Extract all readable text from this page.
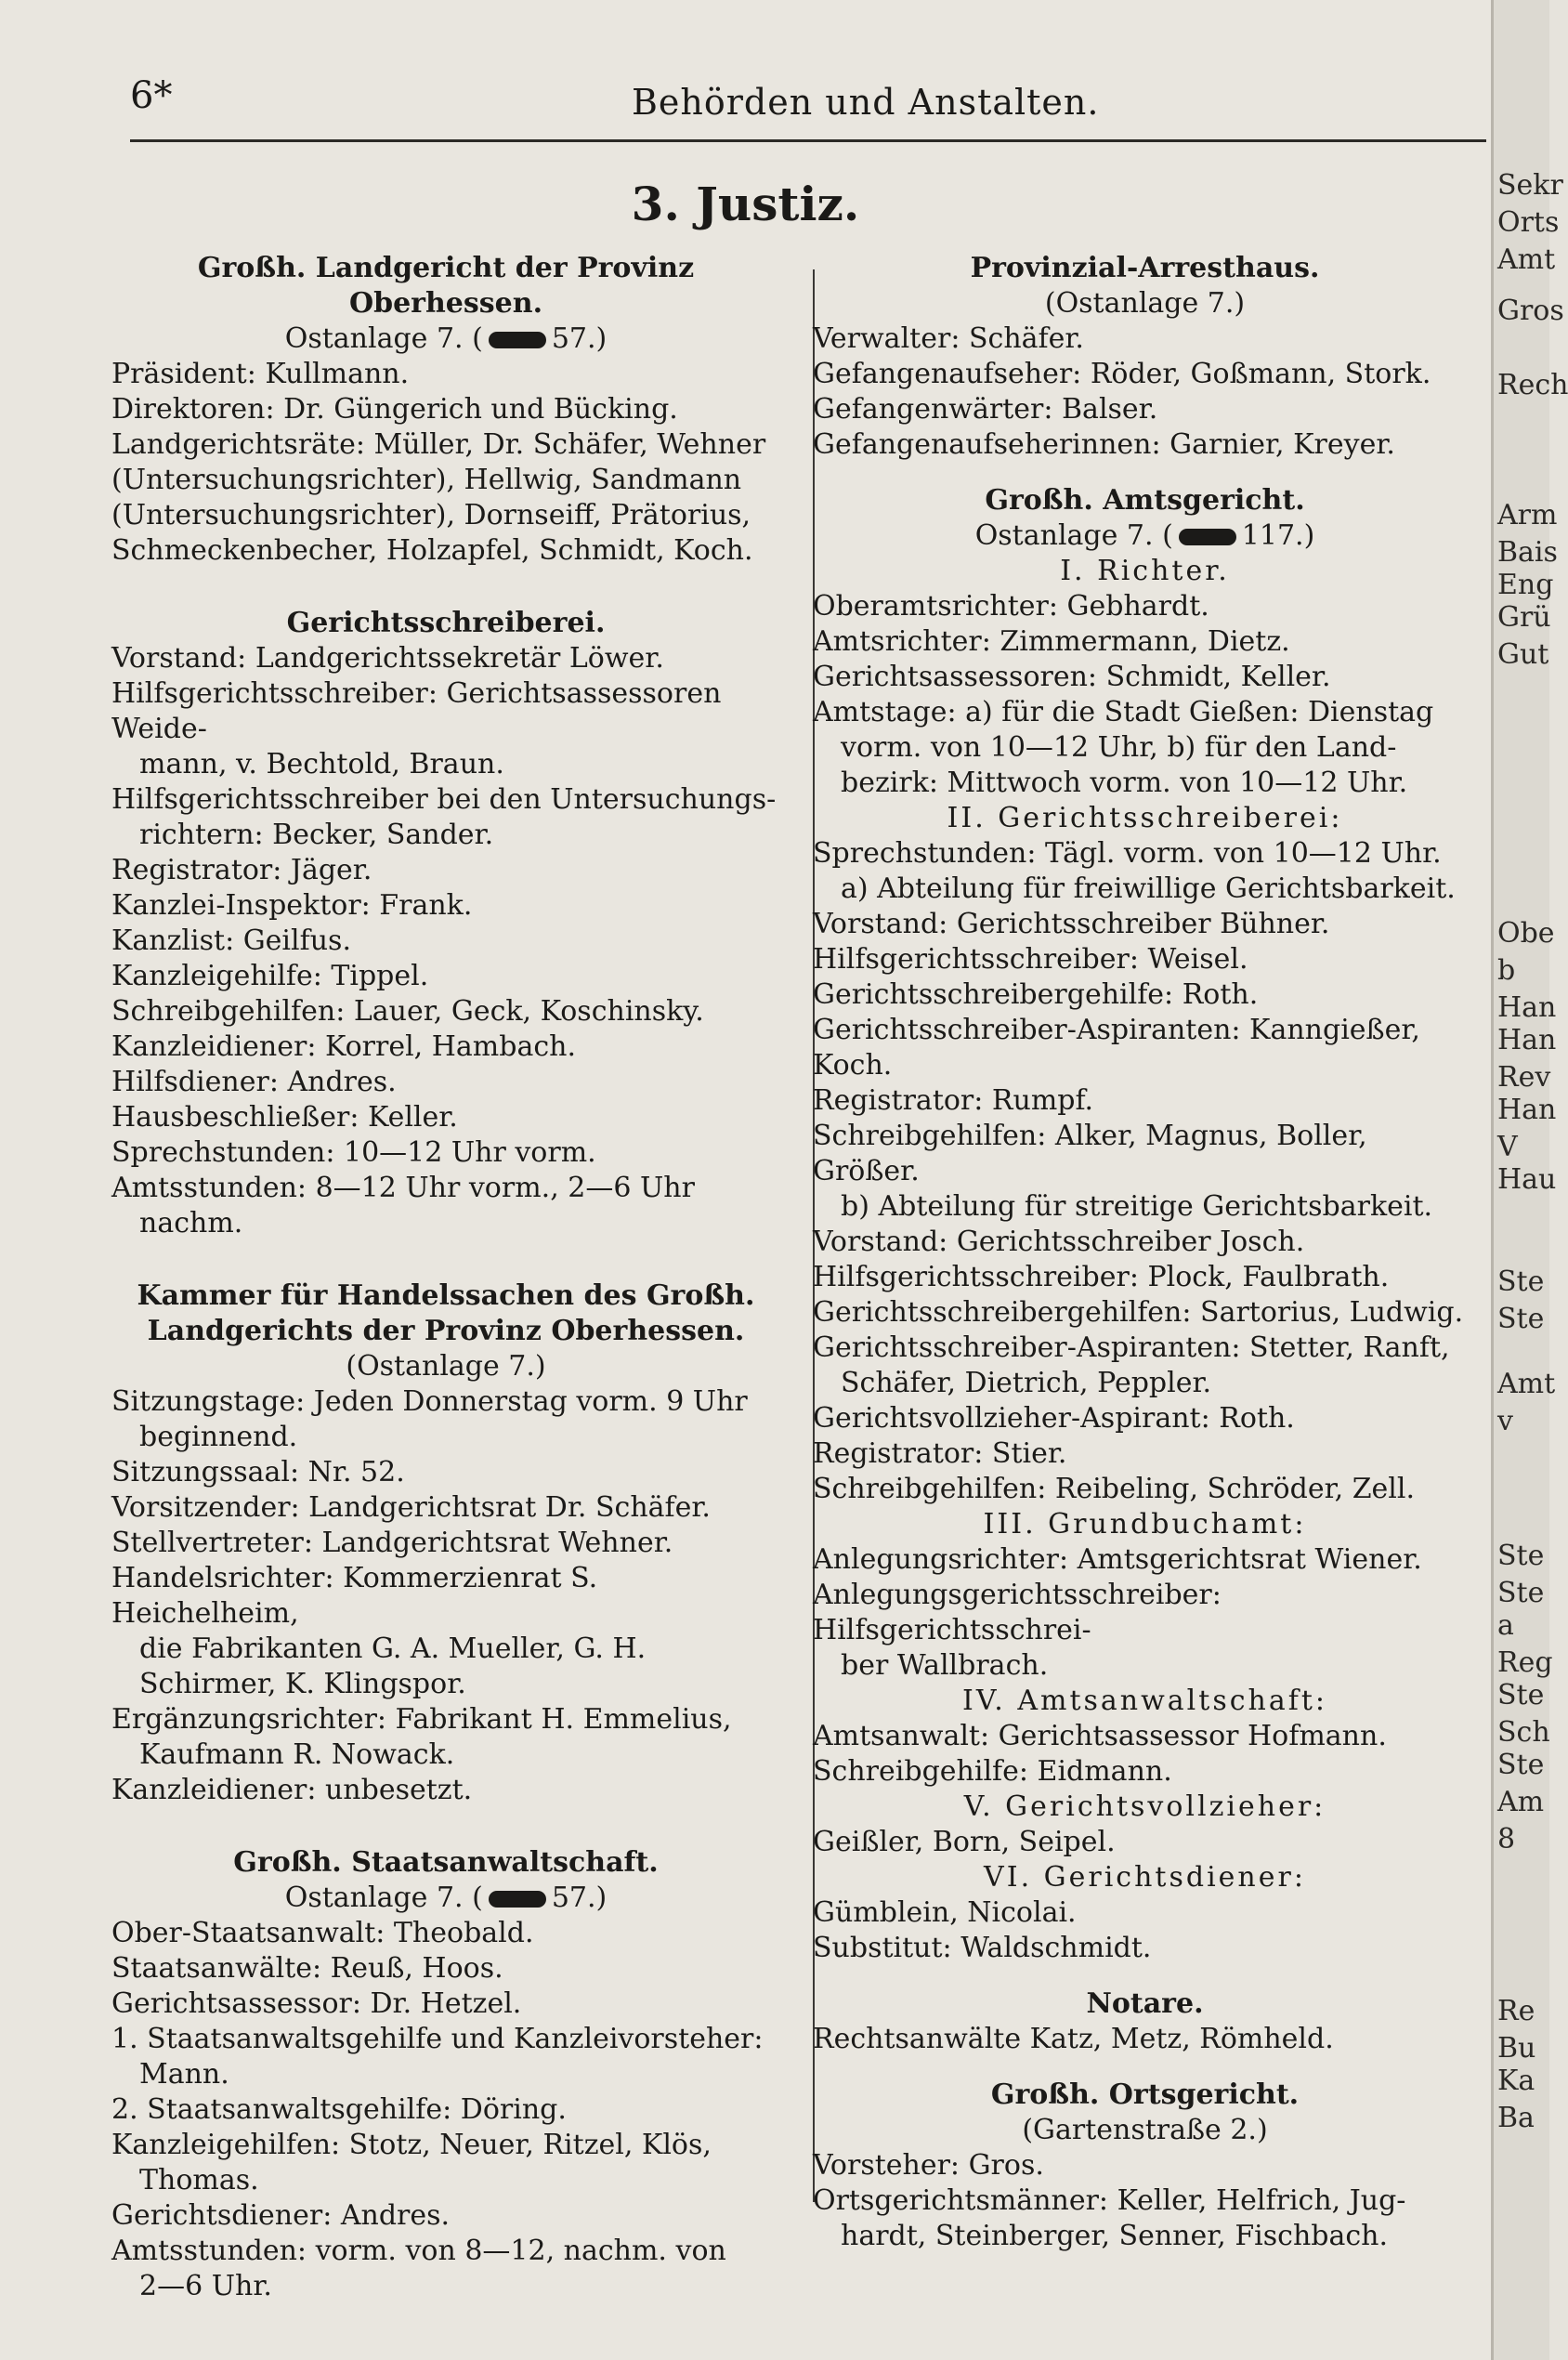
6*	Behörden und Anstalten.
3. Justiz.

Großh. Landgericht der Provinz Oberhessen.

Ostanlage 7. ( 57.)

Präsident: Kullmann.

Direktoren: Dr. Güngerich und Bücking.

Landgerichtsräte: Müller, Dr. Schäfer, Wehner

(Untersuchungsrichter), Hellwig, Sandmann

(Untersuchungsrichter), Dornseiff, Prätorius,

Schmeckenbecher, Holzapfel, Schmidt, Koch.

Gerichtsschreiberei.

Vorstand: Landgerichtssekretär Löwer.

Hilfsgerichtsschreiber: Gerichtsassessoren Weide-

mann, v. Bechtold, Braun.

Hilfsgerichtsschreiber bei den Untersuchungs-

richtern: Becker, Sander.

Registrator: Jäger.

Kanzlei-Inspektor: Frank.

Kanzlist: Geilfus.

Kanzleigehilfe: Tippel.

Schreibgehilfen: Lauer, Geck, Koschinsky.

Kanzleidiener: Korrel, Hambach.

Hilfsdiener: Andres.

Hausbeschließer: Keller.

Sprechstunden: 10—12 Uhr vorm.

Amtsstunden: 8—12 Uhr vorm., 2—6 Uhr

nachm.

Kammer für Handelssachen des Großh.

Landgerichts der Provinz Oberhessen.

(Ostanlage 7.)

Sitzungstage: Jeden Donnerstag vorm. 9 Uhr

beginnend.

Sitzungssaal: Nr. 52.

Vorsitzender: Landgerichtsrat Dr. Schäfer.

Stellvertreter: Landgerichtsrat Wehner.

Handelsrichter: Kommerzienrat S. Heichelheim,

die Fabrikanten G. A. Mueller, G. H.

Schirmer, K. Klingspor.

Ergänzungsrichter: Fabrikant H. Emmelius,

Kaufmann R. Nowack.

Kanzleidiener: unbesetzt.

Großh. Staatsanwaltschaft.

Ostanlage 7. ( 57.)

Ober-Staatsanwalt: Theobald.

Staatsanwälte: Reuß, Hoos.

Gerichtsassessor: Dr. Hetzel.

1. Staatsanwaltsgehilfe und Kanzleivorsteher:

Mann.

2. Staatsanwaltsgehilfe: Döring.

Kanzleigehilfen: Stotz, Neuer, Ritzel, Klös,

Thomas.

Gerichtsdiener: Andres.

Amtsstunden: vorm. von 8—12, nachm. von

2—6 Uhr.

Provinzial-Arresthaus.

(Ostanlage 7.)

Verwalter: Schäfer.

Gefangenaufseher: Röder, Goßmann, Stork.

Gefangenwärter: Balser.

Gefangenaufseherinnen: Garnier, Kreyer.

Großh. Amtsgericht.

Ostanlage 7. ( 117.)

I. Richter.

Oberamtsrichter: Gebhardt.

Amtsrichter: Zimmermann, Dietz.

Gerichtsassessoren: Schmidt, Keller.

Amtstage: a) für die Stadt Gießen: Dienstag

vorm. von 10—12 Uhr, b) für den Land-

bezirk: Mittwoch vorm. von 10—12 Uhr.

II. Gerichtsschreiberei:

Sprechstunden: Tägl. vorm. von 10—12 Uhr.

a) Abteilung für freiwillige Gerichtsbarkeit.

Vorstand: Gerichtsschreiber Bühner.

Hilfsgerichtsschreiber: Weisel.

Gerichtsschreibergehilfe: Roth.

Gerichtsschreiber-Aspiranten: Kanngießer, Koch.

Registrator: Rumpf.

Schreibgehilfen: Alker, Magnus, Boller, Größer.

b) Abteilung für streitige Gerichtsbarkeit.

Vorstand: Gerichtsschreiber Josch.

Hilfsgerichtsschreiber: Plock, Faulbrath.

Gerichtsschreibergehilfen: Sartorius, Ludwig.

Gerichtsschreiber-Aspiranten: Stetter, Ranft,

Schäfer, Dietrich, Peppler.

Gerichtsvollzieher-Aspirant: Roth.

Registrator: Stier.

Schreibgehilfen: Reibeling, Schröder, Zell.

III. Grundbuchamt:

Anlegungsrichter: Amtsgerichtsrat Wiener.

Anlegungsgerichtsschreiber: Hilfsgerichtsschrei-

ber Wallbrach.

IV. Amtsanwaltschaft:

Amtsanwalt: Gerichtsassessor Hofmann.

Schreibgehilfe: Eidmann.

V. Gerichtsvollzieher:

Geißler, Born, Seipel.

VI. Gerichtsdiener:

Gümblein, Nicolai.

Substitut: Waldschmidt.

Notare.

Rechtsanwälte Katz, Metz, Römheld.

Großh. Ortsgericht.

(Gartenstraße 2.)

Vorsteher: Gros.

Ortsgerichtsmänner: Keller, Helfrich, Jug-

hardt, Steinberger, Senner, Fischbach.

Sekr
Orts
Amt
Gros
Rech
Arm
Bais
Eng
Grü
Gut
Obe
b
Han
Han
Rev
Han
V
Hau
Ste
Ste
Amt
v
Ste
Ste
a
Reg
Ste
Sch
Ste
Am
8
Re
Bu
Ka
Ba
